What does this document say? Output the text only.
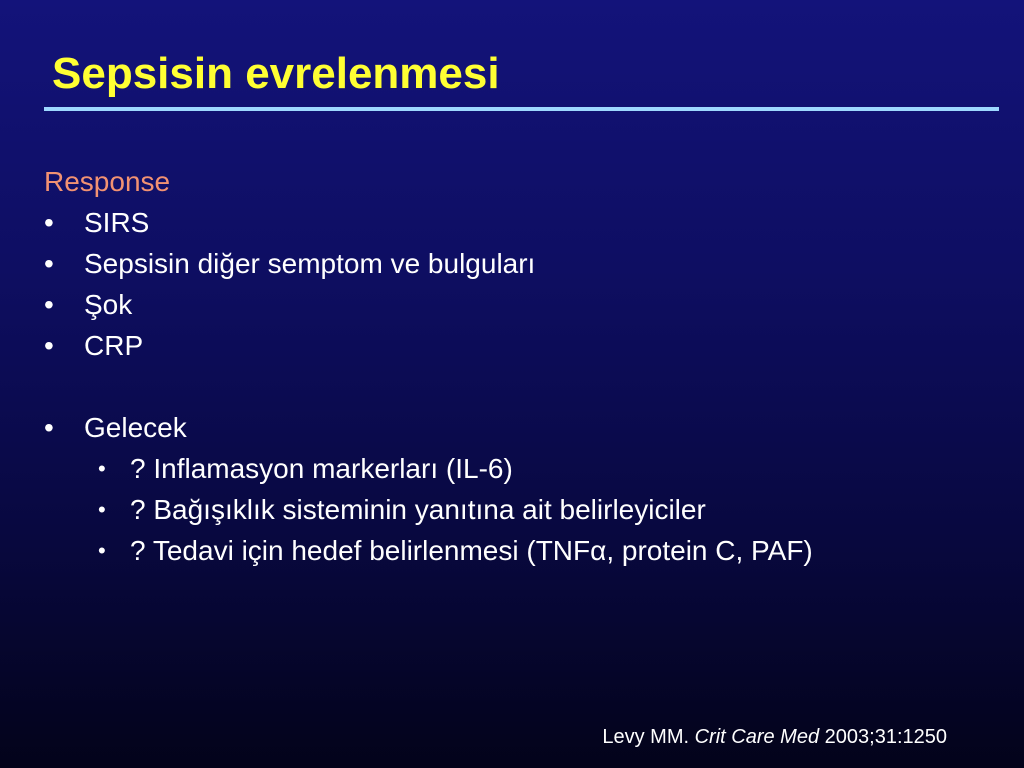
Sepsisin evrelenmesi
Response
•	SIRS
•	Sepsisin diğer semptom ve bulguları
•	Şok
•	CRP
•	Gelecek
• ? Inflamasyon markerları (IL-6)
• ? Bağışıklık sisteminin yanıtına ait belirleyiciler
• ? Tedavi için hedef belirlenmesi (TNFα, protein C, PAF)
Levy MM. Crit Care Med 2003;31:1250
